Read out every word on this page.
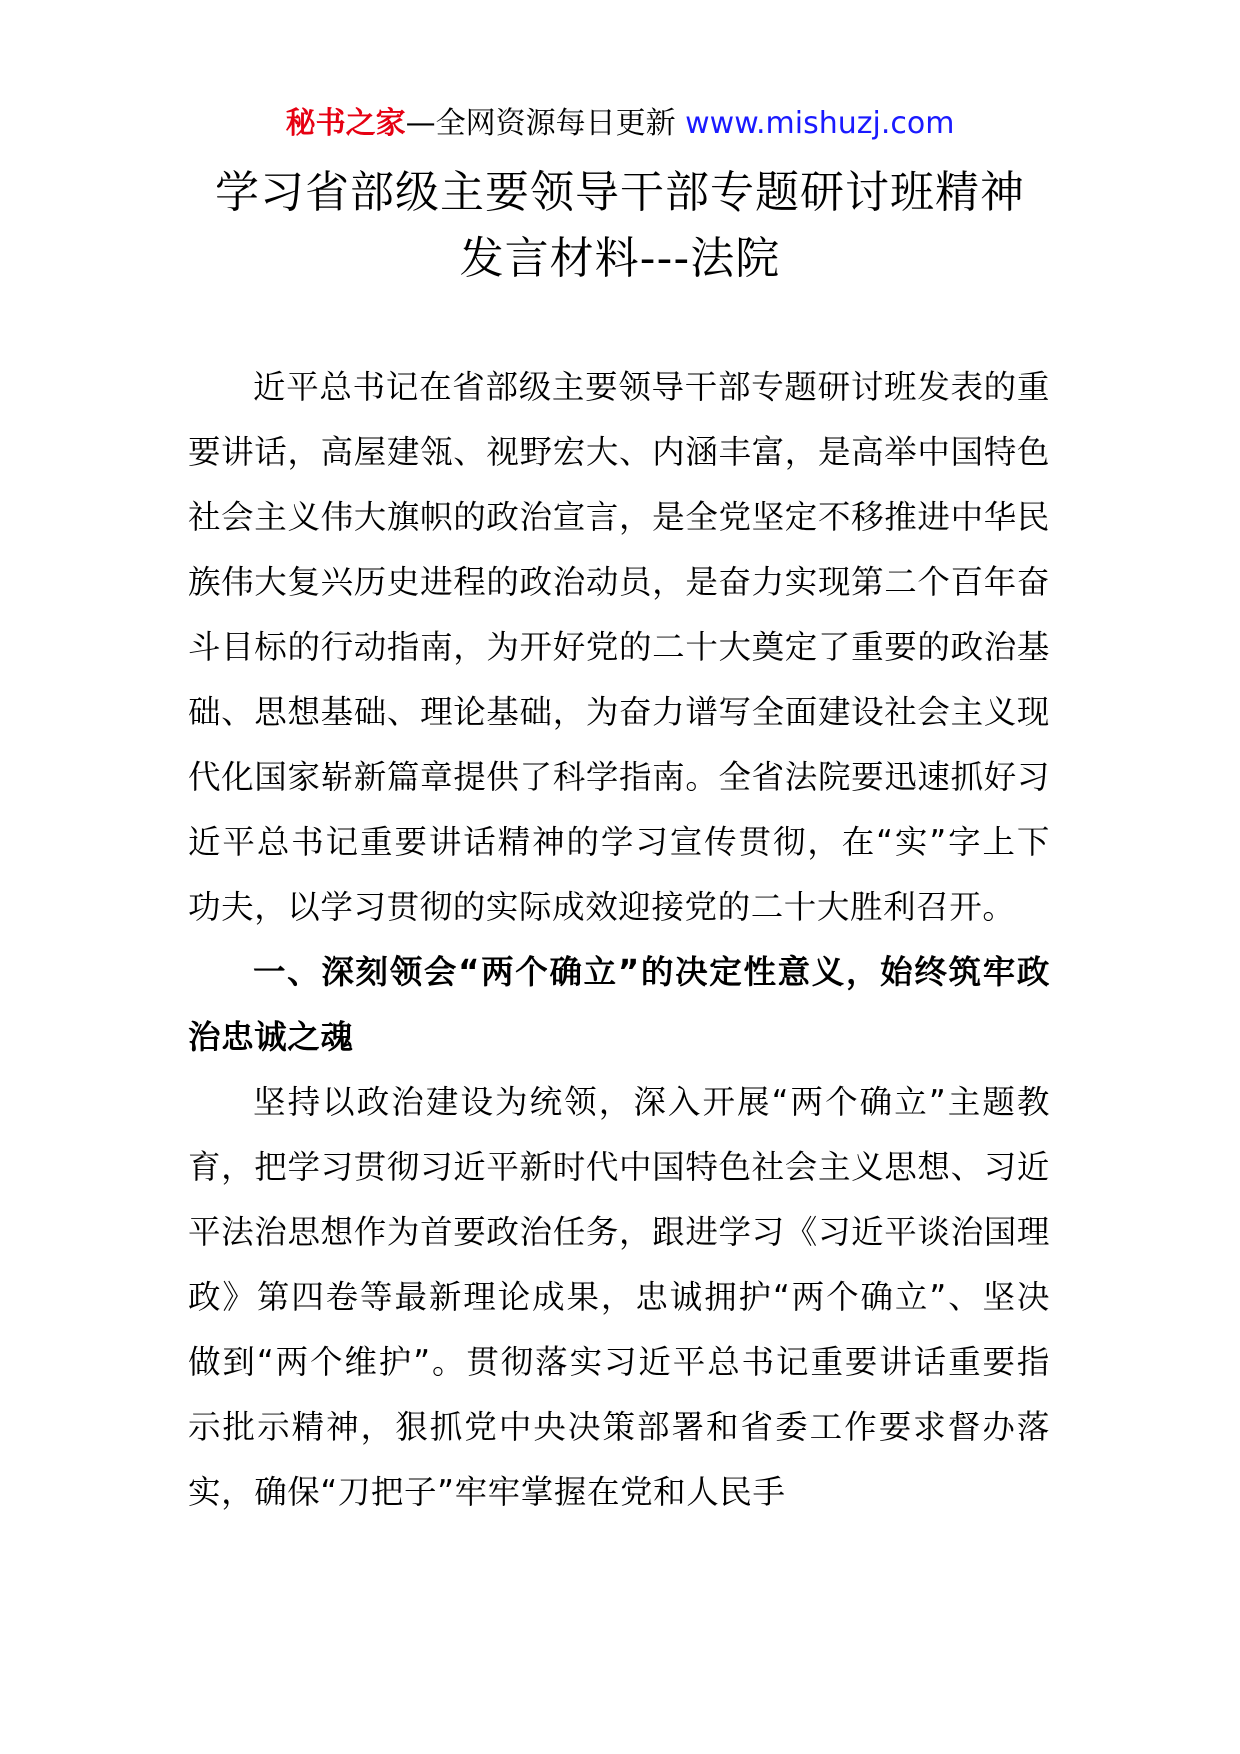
秘书之家—全网资源每日更新 www.mishuzj.com
学习省部级主要领导干部专题研讨班精神
发言材料---法院

近平总书记在省部级主要领导干部专题研讨班发表的重要讲话，高屋建瓴、视野宏大、内涵丰富，是高举中国特色社会主义伟大旗帜的政治宣言，是全党坚定不移推进中华民族伟大复兴历史进程的政治动员，是奋力实现第二个百年奋斗目标的行动指南，为开好党的二十大奠定了重要的政治基础、思想基础、理论基础，为奋力谱写全面建设社会主义现代化国家崭新篇章提供了科学指南。全省法院要迅速抓好习近平总书记重要讲话精神的学习宣传贯彻，在“实”字上下功夫，以学习贯彻的实际成效迎接党的二十大胜利召开。

一、深刻领会“两个确立”的决定性意义，始终筑牢政治忠诚之魂

坚持以政治建设为统领，深入开展“两个确立”主题教育，把学习贯彻习近平新时代中国特色社会主义思想、习近平法治思想作为首要政治任务，跟进学习《习近平谈治国理政》第四卷等最新理论成果，忠诚拥护“两个确立”、坚决做到“两个维护”。贯彻落实习近平总书记重要讲话重要指示批示精神，狠抓党中央决策部署和省委工作要求督办落实，确保“刀把子”牢牢掌握在党和人民手
